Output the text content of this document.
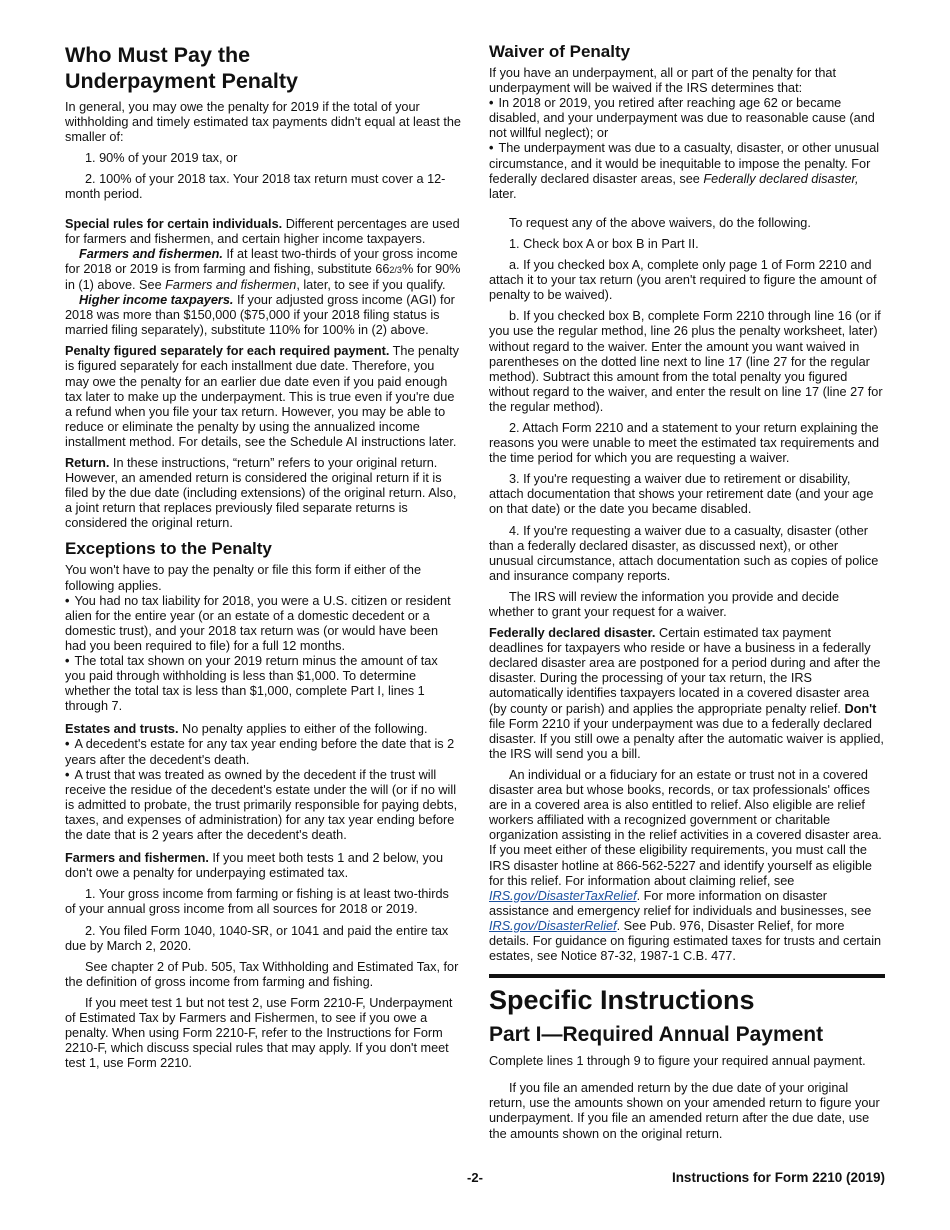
Who Must Pay the
Underpayment Penalty

In general, you may owe the penalty for 2019 if the total of your withholding and timely estimated tax payments didn't equal at least the smaller of:

1. 90% of your 2019 tax, or

2. 100% of your 2018 tax. Your 2018 tax return must cover a 12-month period.

Special rules for certain individuals. Different percentages are used for farmers and fishermen, and certain higher income taxpayers.

Farmers and fishermen. If at least two-thirds of your gross income for 2018 or 2019 is from farming and fishing, substitute 662/3% for 90% in (1) above. See Farmers and fishermen, later, to see if you qualify.

Higher income taxpayers. If your adjusted gross income (AGI) for 2018 was more than $150,000 ($75,000 if your 2018 filing status is married filing separately), substitute 110% for 100% in (2) above.

Penalty figured separately for each required payment. The penalty is figured separately for each installment due date. Therefore, you may owe the penalty for an earlier due date even if you paid enough tax later to make up the underpayment. This is true even if you're due a refund when you file your tax return. However, you may be able to reduce or eliminate the penalty by using the annualized income installment method. For details, see the Schedule AI instructions later.

Return. In these instructions, “return” refers to your original return. However, an amended return is considered the original return if it is filed by the due date (including extensions) of the original return. Also, a joint return that replaces previously filed separate returns is considered the original return.

Exceptions to the Penalty

You won't have to pay the penalty or file this form if either of the following applies.

• You had no tax liability for 2018, you were a U.S. citizen or resident alien for the entire year (or an estate of a domestic decedent or a domestic trust), and your 2018 tax return was (or would have been had you been required to file) for a full 12 months.

• The total tax shown on your 2019 return minus the amount of tax you paid through withholding is less than $1,000. To determine whether the total tax is less than $1,000, complete Part I, lines 1 through 7.

Estates and trusts. No penalty applies to either of the following.

• A decedent's estate for any tax year ending before the date that is 2 years after the decedent's death.

• A trust that was treated as owned by the decedent if the trust will receive the residue of the decedent's estate under the will (or if no will is admitted to probate, the trust primarily responsible for paying debts, taxes, and expenses of administration) for any tax year ending before the date that is 2 years after the decedent's death.

Farmers and fishermen. If you meet both tests 1 and 2 below, you don't owe a penalty for underpaying estimated tax.

1. Your gross income from farming or fishing is at least two-thirds of your annual gross income from all sources for 2018 or 2019.

2. You filed Form 1040, 1040-SR, or 1041 and paid the entire tax due by March 2, 2020.

See chapter 2 of Pub. 505, Tax Withholding and Estimated Tax, for the definition of gross income from farming and fishing.

If you meet test 1 but not test 2, use Form 2210-F, Underpayment of Estimated Tax by Farmers and Fishermen, to see if you owe a penalty. When using Form 2210-F, refer to the Instructions for Form 2210-F, which discuss special rules that may apply. If you don't meet test 1, use Form 2210.

Waiver of Penalty

If you have an underpayment, all or part of the penalty for that underpayment will be waived if the IRS determines that:

• In 2018 or 2019, you retired after reaching age 62 or became disabled, and your underpayment was due to reasonable cause (and not willful neglect); or

• The underpayment was due to a casualty, disaster, or other unusual circumstance, and it would be inequitable to impose the penalty. For federally declared disaster areas, see Federally declared disaster, later.

To request any of the above waivers, do the following.

1. Check box A or box B in Part II.

a. If you checked box A, complete only page 1 of Form 2210 and attach it to your tax return (you aren't required to figure the amount of penalty to be waived).

b. If you checked box B, complete Form 2210 through line 16 (or if you use the regular method, line 26 plus the penalty worksheet, later) without regard to the waiver. Enter the amount you want waived in parentheses on the dotted line next to line 17 (line 27 for the regular method). Subtract this amount from the total penalty you figured without regard to the waiver, and enter the result on line 17 (line 27 for the regular method).

2. Attach Form 2210 and a statement to your return explaining the reasons you were unable to meet the estimated tax requirements and the time period for which you are requesting a waiver.

3. If you're requesting a waiver due to retirement or disability, attach documentation that shows your retirement date (and your age on that date) or the date you became disabled.

4. If you're requesting a waiver due to a casualty, disaster (other than a federally declared disaster, as discussed next), or other unusual circumstance, attach documentation such as copies of police and insurance company reports.

The IRS will review the information you provide and decide whether to grant your request for a waiver.

Federally declared disaster. Certain estimated tax payment deadlines for taxpayers who reside or have a business in a federally declared disaster area are postponed for a period during and after the disaster. During the processing of your tax return, the IRS automatically identifies taxpayers located in a covered disaster area (by county or parish) and applies the appropriate penalty relief. Don't file Form 2210 if your underpayment was due to a federally declared disaster. If you still owe a penalty after the automatic waiver is applied, the IRS will send you a bill.

An individual or a fiduciary for an estate or trust not in a covered disaster area but whose books, records, or tax professionals' offices are in a covered area is also entitled to relief. Also eligible are relief workers affiliated with a recognized government or charitable organization assisting in the relief activities in a covered disaster area. If you meet either of these eligibility requirements, you must call the IRS disaster hotline at 866-562-5227 and identify yourself as eligible for this relief. For information about claiming relief, see IRS.gov/DisasterTaxRelief. For more information on disaster assistance and emergency relief for individuals and businesses, see IRS.gov/DisasterRelief. See Pub. 976, Disaster Relief, for more details. For guidance on figuring estimated taxes for trusts and certain estates, see Notice 87-32, 1987-1 C.B. 477.

Specific Instructions
Part I—Required Annual Payment

Complete lines 1 through 9 to figure your required annual payment.

If you file an amended return by the due date of your original return, use the amounts shown on your amended return to figure your underpayment. If you file an amended return after the due date, use the amounts shown on the original return.

-2-	Instructions for Form 2210 (2019)
